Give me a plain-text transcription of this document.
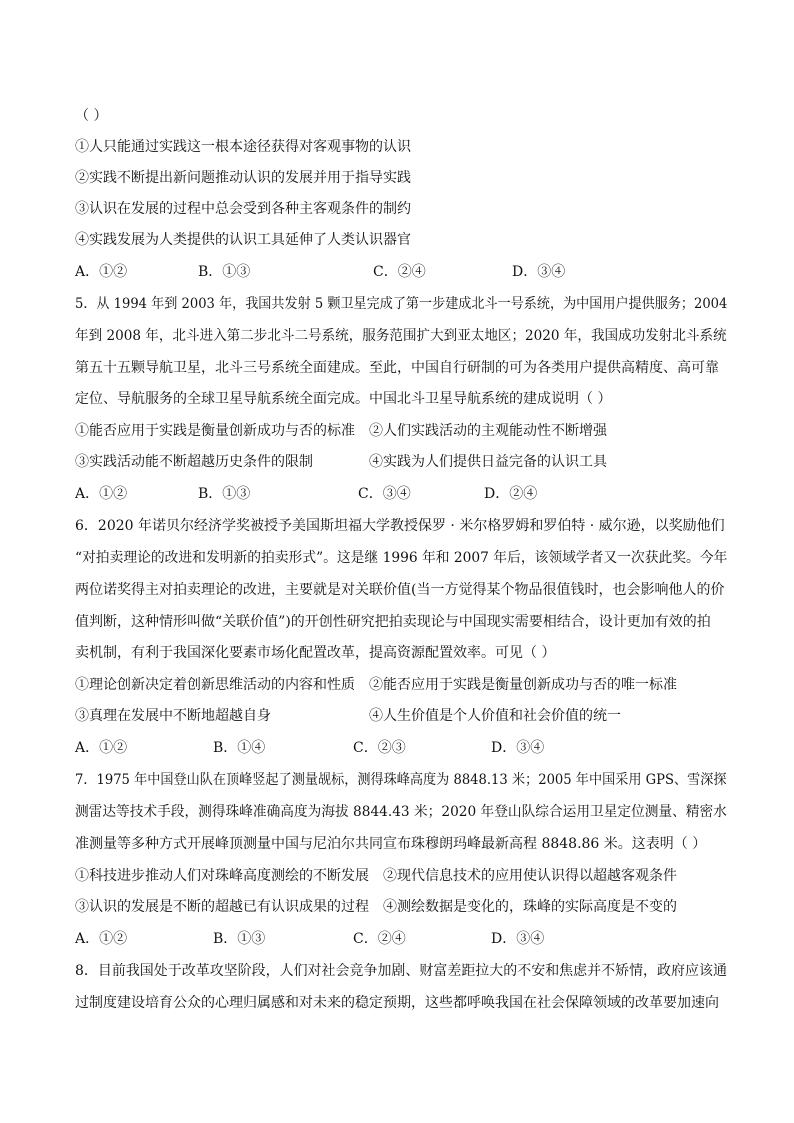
（ ）
①人只能通过实践这一根本途径获得对客观事物的认识
②实践不断提出新问题推动认识的发展并用于指导实践
③认识在发展的过程中总会受到各种主客观条件的制约
④实践发展为人类提供的认识工具延伸了人类认识器官
A．①②	B．①③	C．②④	D．③④
5．从 1994 年到 2003 年，我国共发射 5 颗卫星完成了第一步建成北斗一号系统，为中国用户提供服务；2004
年到 2008 年，北斗进入第二步北斗二号系统，服务范围扩大到亚太地区；2020 年，我国成功发射北斗系统
第五十五颗导航卫星，北斗三号系统全面建成。至此，中国自行研制的可为各类用户提供高精度、高可靠
定位、导航服务的全球卫星导航系统全面完成。中国北斗卫星导航系统的建成说明（ ）
①能否应用于实践是衡量创新成功与否的标准　②人们实践活动的主观能动性不断增强
③实践活动能不断超越历史条件的限制　　　　④实践为人们提供日益完备的认识工具
A．①②	B．①③	C．③④	D．②④
6．2020 年诺贝尔经济学奖被授予美国斯坦福大学教授保罗 · 米尔格罗姆和罗伯特 · 威尔逊，以奖励他们
“对拍卖理论的改进和发明新的拍卖形式”。这是继 1996 年和 2007 年后，该领域学者又一次获此奖。今年
两位诺奖得主对拍卖理论的改进，主要就是对关联价值(当一方觉得某个物品很值钱时，也会影响他人的价
值判断，这种情形叫做“关联价值”)的开创性研究把拍卖现论与中国现实需要相结合，设计更加有效的拍
卖机制，有利于我国深化要素市场化配置改革，提高资源配置效率。可见（ ）
①理论创新决定着创新思维活动的内容和性质　②能否应用于实践是衡量创新成功与否的唯一标准
③真理在发展中不断地超越自身　　　　　　　④人生价值是个人价值和社会价值的统一
A．①②	B．①④	C．②③	D．③④
7．1975 年中国登山队在顶峰竖起了测量觇标，测得珠峰高度为 8848.13 米；2005 年中国采用 GPS、雪深探
测雷达等技术手段，测得珠峰准确高度为海拔 8844.43 米；2020 年登山队综合运用卫星定位测量、精密水
准测量等多种方式开展峰顶测量中国与尼泊尔共同宣布珠穆朗玛峰最新高程 8848.86 米。这表明（ ）
①科技进步推动人们对珠峰高度测绘的不断发展　②现代信息技术的应用使认识得以超越客观条件
③认识的发展是不断的超越已有认识成果的过程　④测绘数据是变化的，珠峰的实际高度是不变的
A．①②	B．①③	C．②④	D．③④
8．目前我国处于改革攻坚阶段，人们对社会竞争加剧、财富差距拉大的不安和焦虑并不矫情，政府应该通
过制度建设培育公众的心理归属感和对未来的稳定预期，这些都呼唤我国在社会保障领域的改革要加速向
